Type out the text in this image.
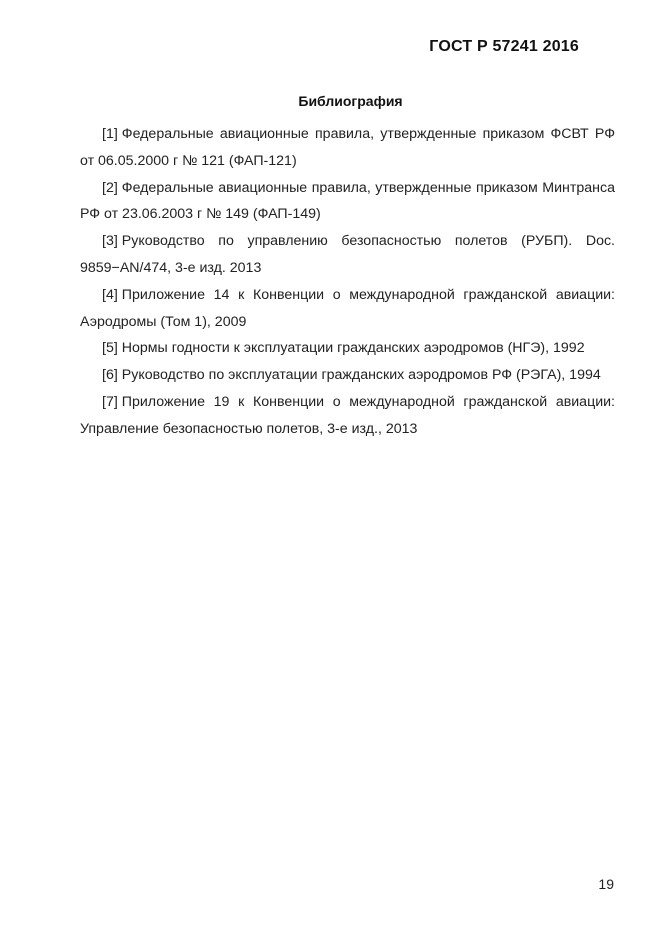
ГОСТ Р 57241 2016
Библиография
[1] Федеральные авиационные правила, утвержденные приказом ФСВТ РФ от 06.05.2000 г № 121 (ФАП-121)
[2] Федеральные авиационные правила, утвержденные приказом Минтранса РФ от 23.06.2003 г № 149 (ФАП-149)
[3] Руководство по управлению безопасностью полетов (РУБП). Doc. 9859−AN/474, 3-е изд. 2013
[4] Приложение 14 к Конвенции о международной гражданской авиации: Аэродромы (Том 1), 2009
[5] Нормы годности к эксплуатации гражданских аэродромов (НГЭ), 1992
[6] Руководство по эксплуатации гражданских аэродромов РФ (РЭГА), 1994
[7] Приложение 19 к Конвенции о международной гражданской авиации: Управление безопасностью полетов, 3-е изд., 2013
19
